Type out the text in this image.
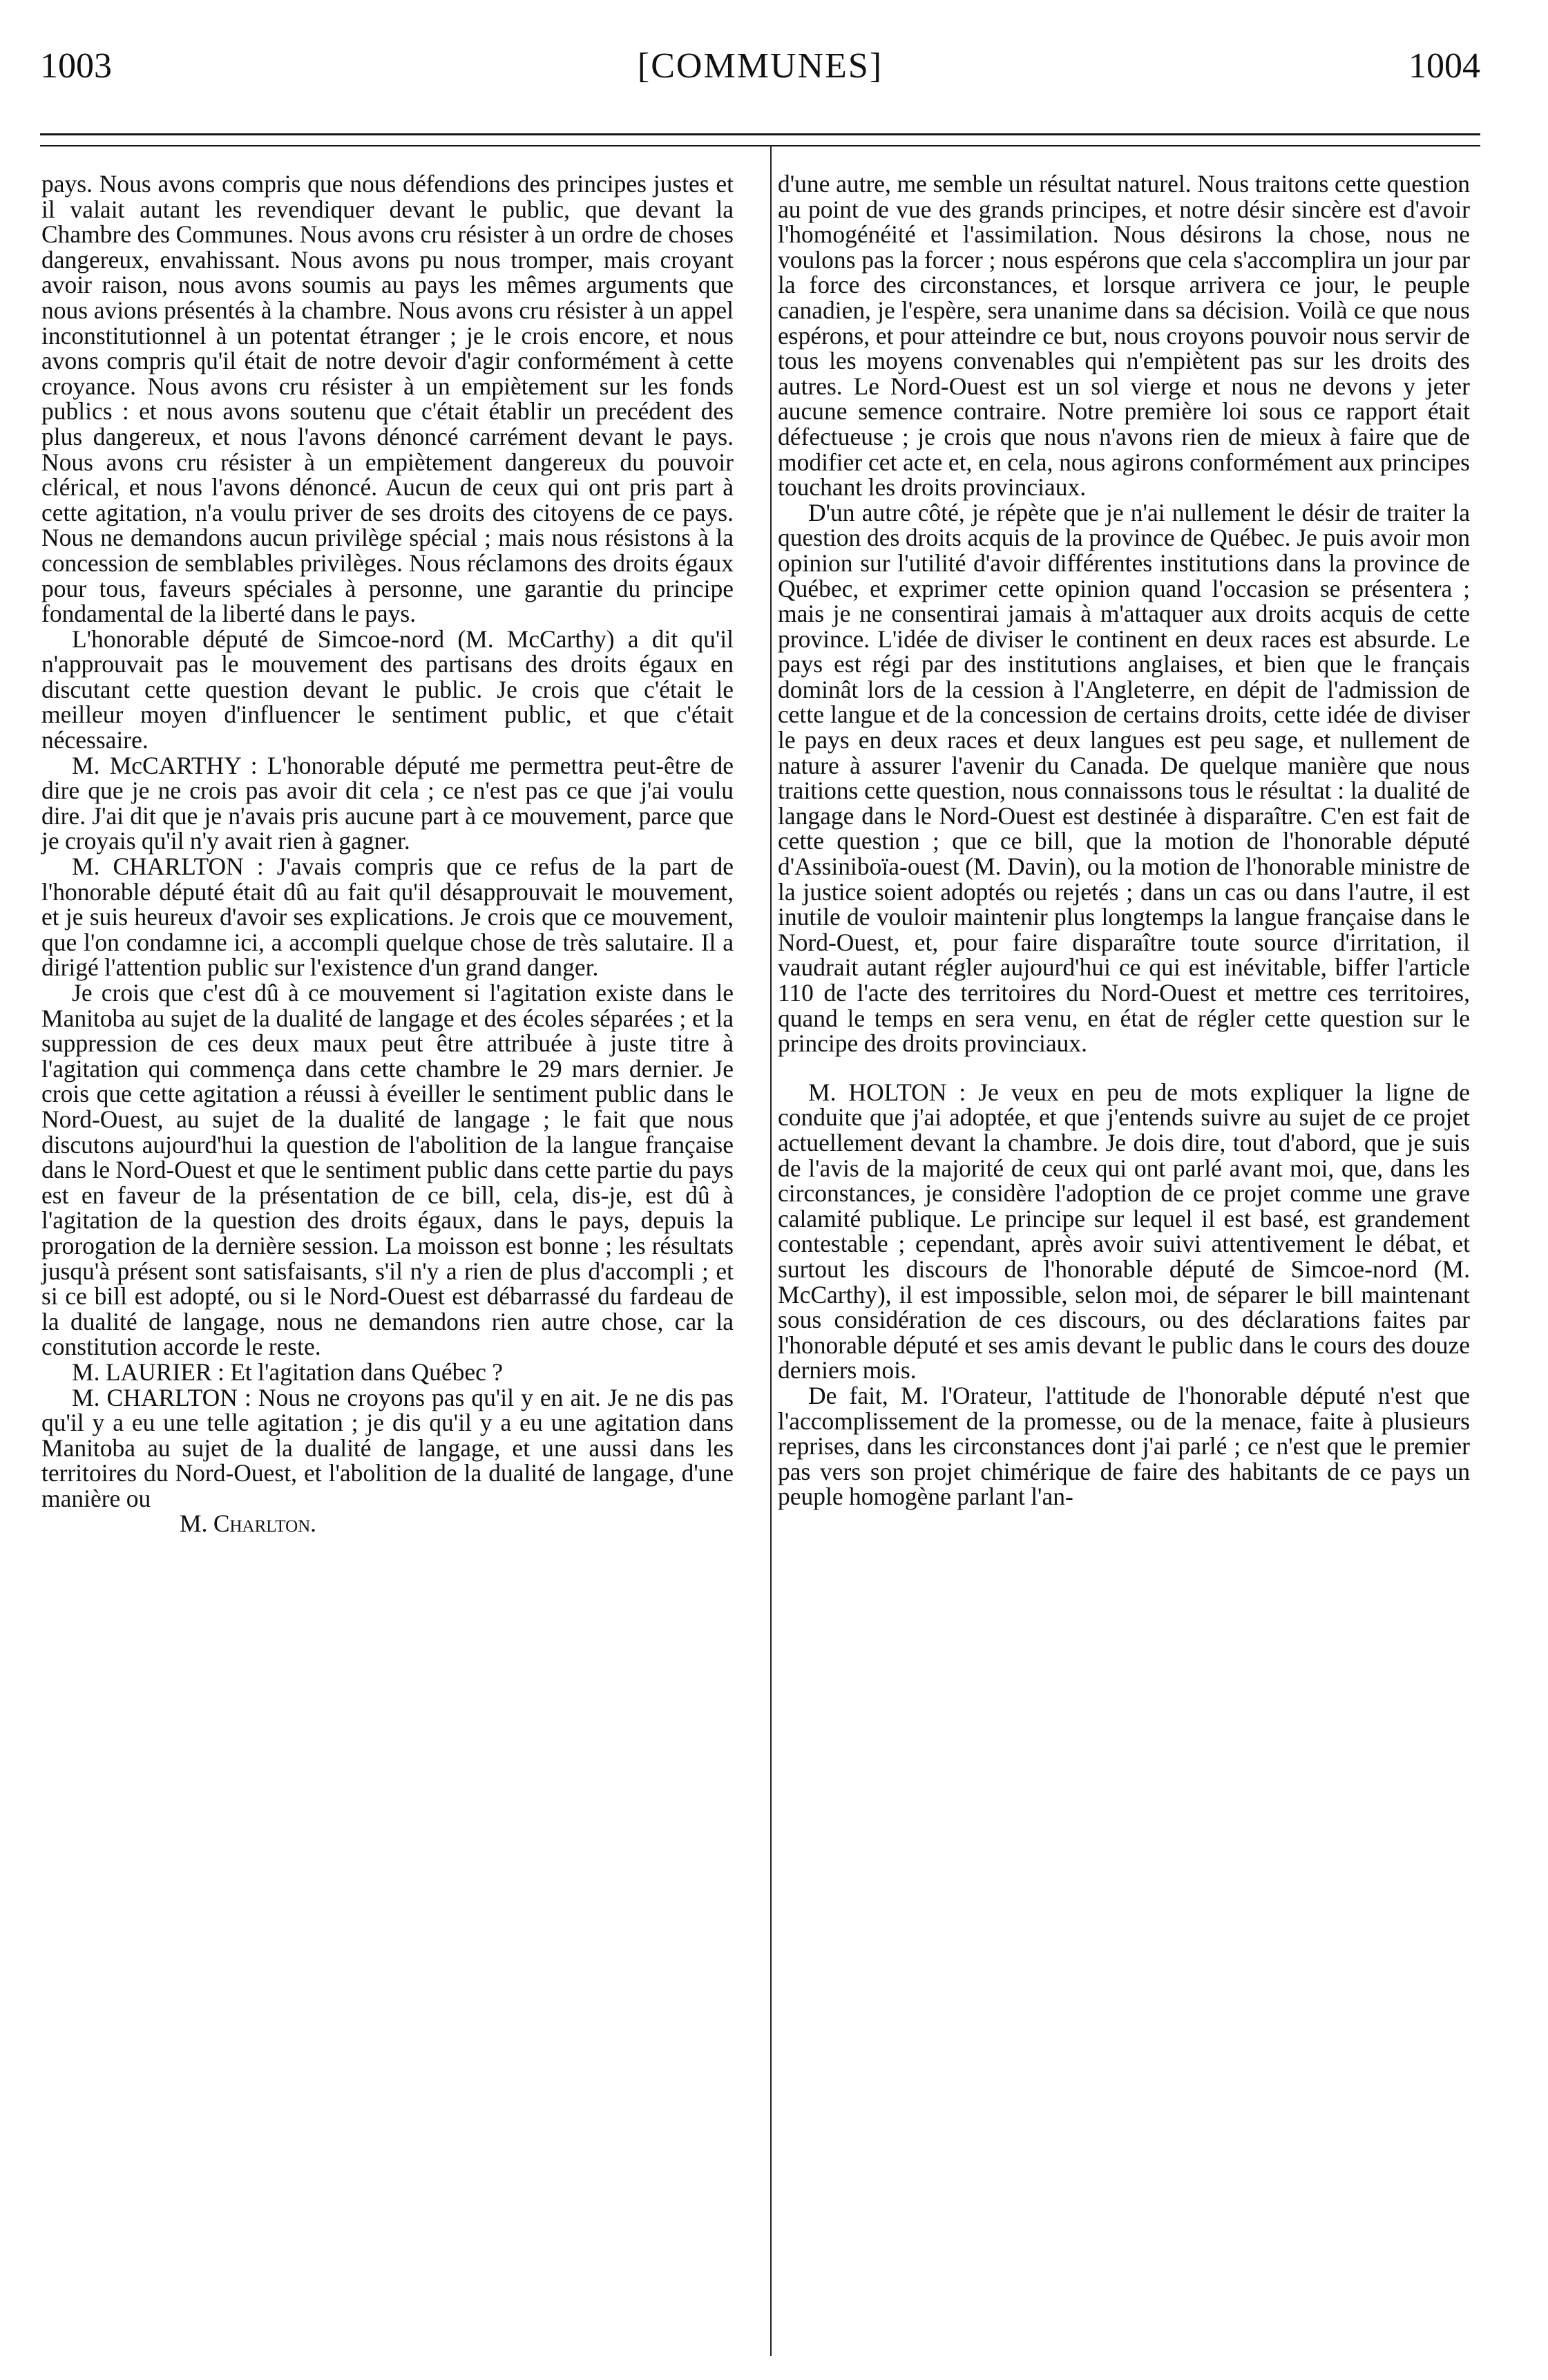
1003	[COMMUNES]	1004

pays. Nous avons compris que nous défendions des principes justes et il valait autant les revendiquer devant le public, que devant la Chambre des Communes. Nous avons cru résister à un ordre de choses dangereux, envahissant. Nous avons pu nous tromper, mais croyant avoir raison, nous avons soumis au pays les mêmes arguments que nous avions présentés à la chambre. Nous avons cru résister à un appel inconstitutionnel à un potentat étranger ; je le crois encore, et nous avons compris qu'il était de notre devoir d'agir conformément à cette croyance. Nous avons cru résister à un empiètement sur les fonds publics : et nous avons soutenu que c'était établir un precédent des plus dangereux, et nous l'avons dénoncé carrément devant le pays. Nous avons cru résister à un empiètement dangereux du pouvoir clérical, et nous l'avons dénoncé. Aucun de ceux qui ont pris part à cette agitation, n'a voulu priver de ses droits des citoyens de ce pays. Nous ne demandons aucun privilège spécial ; mais nous résistons à la concession de semblables privilèges. Nous réclamons des droits égaux pour tous, faveurs spéciales à personne, une garantie du principe fondamental de la liberté dans le pays.

L'honorable député de Simcoe-nord (M. McCarthy) a dit qu'il n'approuvait pas le mouvement des partisans des droits égaux en discutant cette question devant le public. Je crois que c'était le meilleur moyen d'influencer le sentiment public, et que c'était nécessaire.

M. McCARTHY : L'honorable député me permettra peut-être de dire que je ne crois pas avoir dit cela ; ce n'est pas ce que j'ai voulu dire. J'ai dit que je n'avais pris aucune part à ce mouvement, parce que je croyais qu'il n'y avait rien à gagner.

M. CHARLTON : J'avais compris que ce refus de la part de l'honorable député était dû au fait qu'il désapprouvait le mouvement, et je suis heureux d'avoir ses explications. Je crois que ce mouvement, que l'on condamne ici, a accompli quelque chose de très salutaire. Il a dirigé l'attention public sur l'existence d'un grand danger.

Je crois que c'est dû à ce mouvement si l'agitation existe dans le Manitoba au sujet de la dualité de langage et des écoles séparées ; et la suppression de ces deux maux peut être attribuée à juste titre à l'agitation qui commença dans cette chambre le 29 mars dernier. Je crois que cette agitation a réussi à éveiller le sentiment public dans le Nord-Ouest, au sujet de la dualité de langage ; le fait que nous discutons aujourd'hui la question de l'abolition de la langue française dans le Nord-Ouest et que le sentiment public dans cette partie du pays est en faveur de la présentation de ce bill, cela, dis-je, est dû à l'agitation de la question des droits égaux, dans le pays, depuis la prorogation de la dernière session. La moisson est bonne ; les résultats jusqu'à présent sont satisfaisants, s'il n'y a rien de plus d'accompli ; et si ce bill est adopté, ou si le Nord-Ouest est débarrassé du fardeau de la dualité de langage, nous ne demandons rien autre chose, car la constitution accorde le reste.

M. LAURIER : Et l'agitation dans Québec ?

M. CHARLTON : Nous ne croyons pas qu'il y en ait. Je ne dis pas qu'il y a eu une telle agitation ; je dis qu'il y a eu une agitation dans Manitoba au sujet de la dualité de langage, et une aussi dans les territoires du Nord-Ouest, et l'abolition de la dualité de langage, d'une manière ou

M. Charlton.

d'une autre, me semble un résultat naturel. Nous traitons cette question au point de vue des grands principes, et notre désir sincère est d'avoir l'homogénéité et l'assimilation. Nous désirons la chose, nous ne voulons pas la forcer ; nous espérons que cela s'accomplira un jour par la force des circonstances, et lorsque arrivera ce jour, le peuple canadien, je l'espère, sera unanime dans sa décision. Voilà ce que nous espérons, et pour atteindre ce but, nous croyons pouvoir nous servir de tous les moyens convenables qui n'empiètent pas sur les droits des autres. Le Nord-Ouest est un sol vierge et nous ne devons y jeter aucune semence contraire. Notre première loi sous ce rapport était défectueuse ; je crois que nous n'avons rien de mieux à faire que de modifier cet acte et, en cela, nous agirons conformément aux principes touchant les droits provinciaux.

D'un autre côté, je répète que je n'ai nullement le désir de traiter la question des droits acquis de la province de Québec. Je puis avoir mon opinion sur l'utilité d'avoir différentes institutions dans la province de Québec, et exprimer cette opinion quand l'occasion se présentera ; mais je ne consentirai jamais à m'attaquer aux droits acquis de cette province. L'idée de diviser le continent en deux races est absurde. Le pays est régi par des institutions anglaises, et bien que le français dominât lors de la cession à l'Angleterre, en dépit de l'admission de cette langue et de la concession de certains droits, cette idée de diviser le pays en deux races et deux langues est peu sage, et nullement de nature à assurer l'avenir du Canada. De quelque manière que nous traitions cette question, nous connaissons tous le résultat : la dualité de langage dans le Nord-Ouest est destinée à disparaître. C'en est fait de cette question ; que ce bill, que la motion de l'honorable député d'Assiniboïa-ouest (M. Davin), ou la motion de l'honorable ministre de la justice soient adoptés ou rejetés ; dans un cas ou dans l'autre, il est inutile de vouloir maintenir plus longtemps la langue française dans le Nord-Ouest, et, pour faire disparaître toute source d'irritation, il vaudrait autant régler aujourd'hui ce qui est inévitable, biffer l'article 110 de l'acte des territoires du Nord-Ouest et mettre ces territoires, quand le temps en sera venu, en état de régler cette question sur le principe des droits provinciaux.

M. HOLTON : Je veux en peu de mots expliquer la ligne de conduite que j'ai adoptée, et que j'entends suivre au sujet de ce projet actuellement devant la chambre. Je dois dire, tout d'abord, que je suis de l'avis de la majorité de ceux qui ont parlé avant moi, que, dans les circonstances, je considère l'adoption de ce projet comme une grave calamité publique. Le principe sur lequel il est basé, est grandement contestable ; cependant, après avoir suivi attentivement le débat, et surtout les discours de l'honorable député de Simcoe-nord (M. McCarthy), il est impossible, selon moi, de séparer le bill maintenant sous considération de ces discours, ou des déclarations faites par l'honorable député et ses amis devant le public dans le cours des douze derniers mois.

De fait, M. l'Orateur, l'attitude de l'honorable député n'est que l'accomplissement de la promesse, ou de la menace, faite à plusieurs reprises, dans les circonstances dont j'ai parlé ; ce n'est que le premier pas vers son projet chimérique de faire des habitants de ce pays un peuple homogène parlant l'an-
